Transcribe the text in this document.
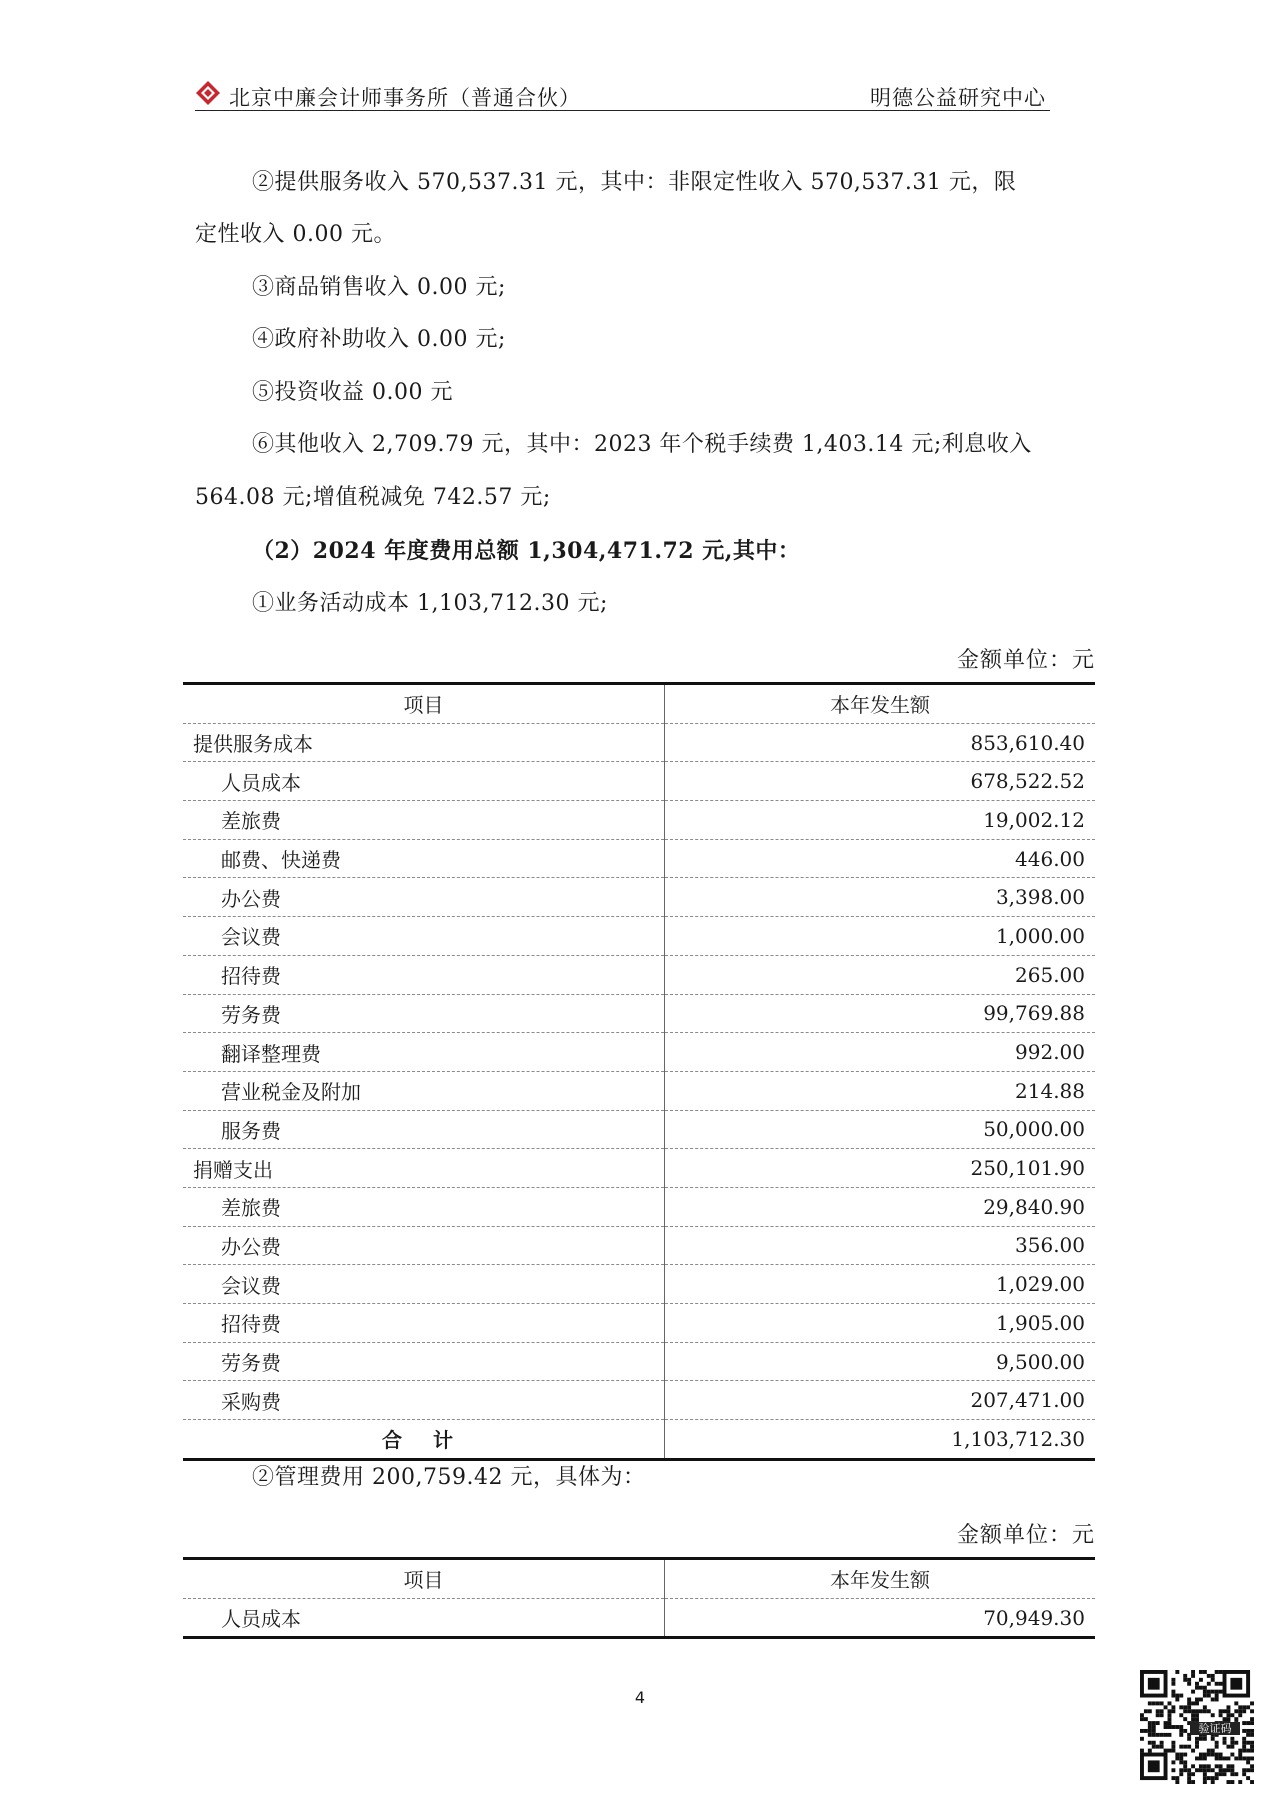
北京中廉会计师事务所（普通合伙）	明德公益研究中心
②提供服务收入 570,537.31 元，其中：非限定性收入 570,537.31 元，限
定性收入 0.00 元。
③商品销售收入 0.00 元;
④政府补助收入 0.00 元;
⑤投资收益 0.00 元
⑥其他收入 2,709.79 元，其中：2023 年个税手续费 1,403.14 元;利息收入
564.08 元;增值税减免 742.57 元;
（2）2024 年度费用总额 1,304,471.72 元,其中：
①业务活动成本 1,103,712.30 元;
金额单位：元
项目	本年发生额
提供服务成本	853,610.40
人员成本	678,522.52
差旅费	19,002.12
邮费、快递费	446.00
办公费	3,398.00
会议费	1,000.00
招待费	265.00
劳务费	99,769.88
翻译整理费	992.00
营业税金及附加	214.88
服务费	50,000.00
捐赠支出	250,101.90
差旅费	29,840.90
办公费	356.00
会议费	1,029.00
招待费	1,905.00
劳务费	9,500.00
采购费	207,471.00
合 计	1,103,712.30
②管理费用 200,759.42 元，具体为：
金额单位：元
项目	本年发生额
人员成本	70,949.30
4
验证码
